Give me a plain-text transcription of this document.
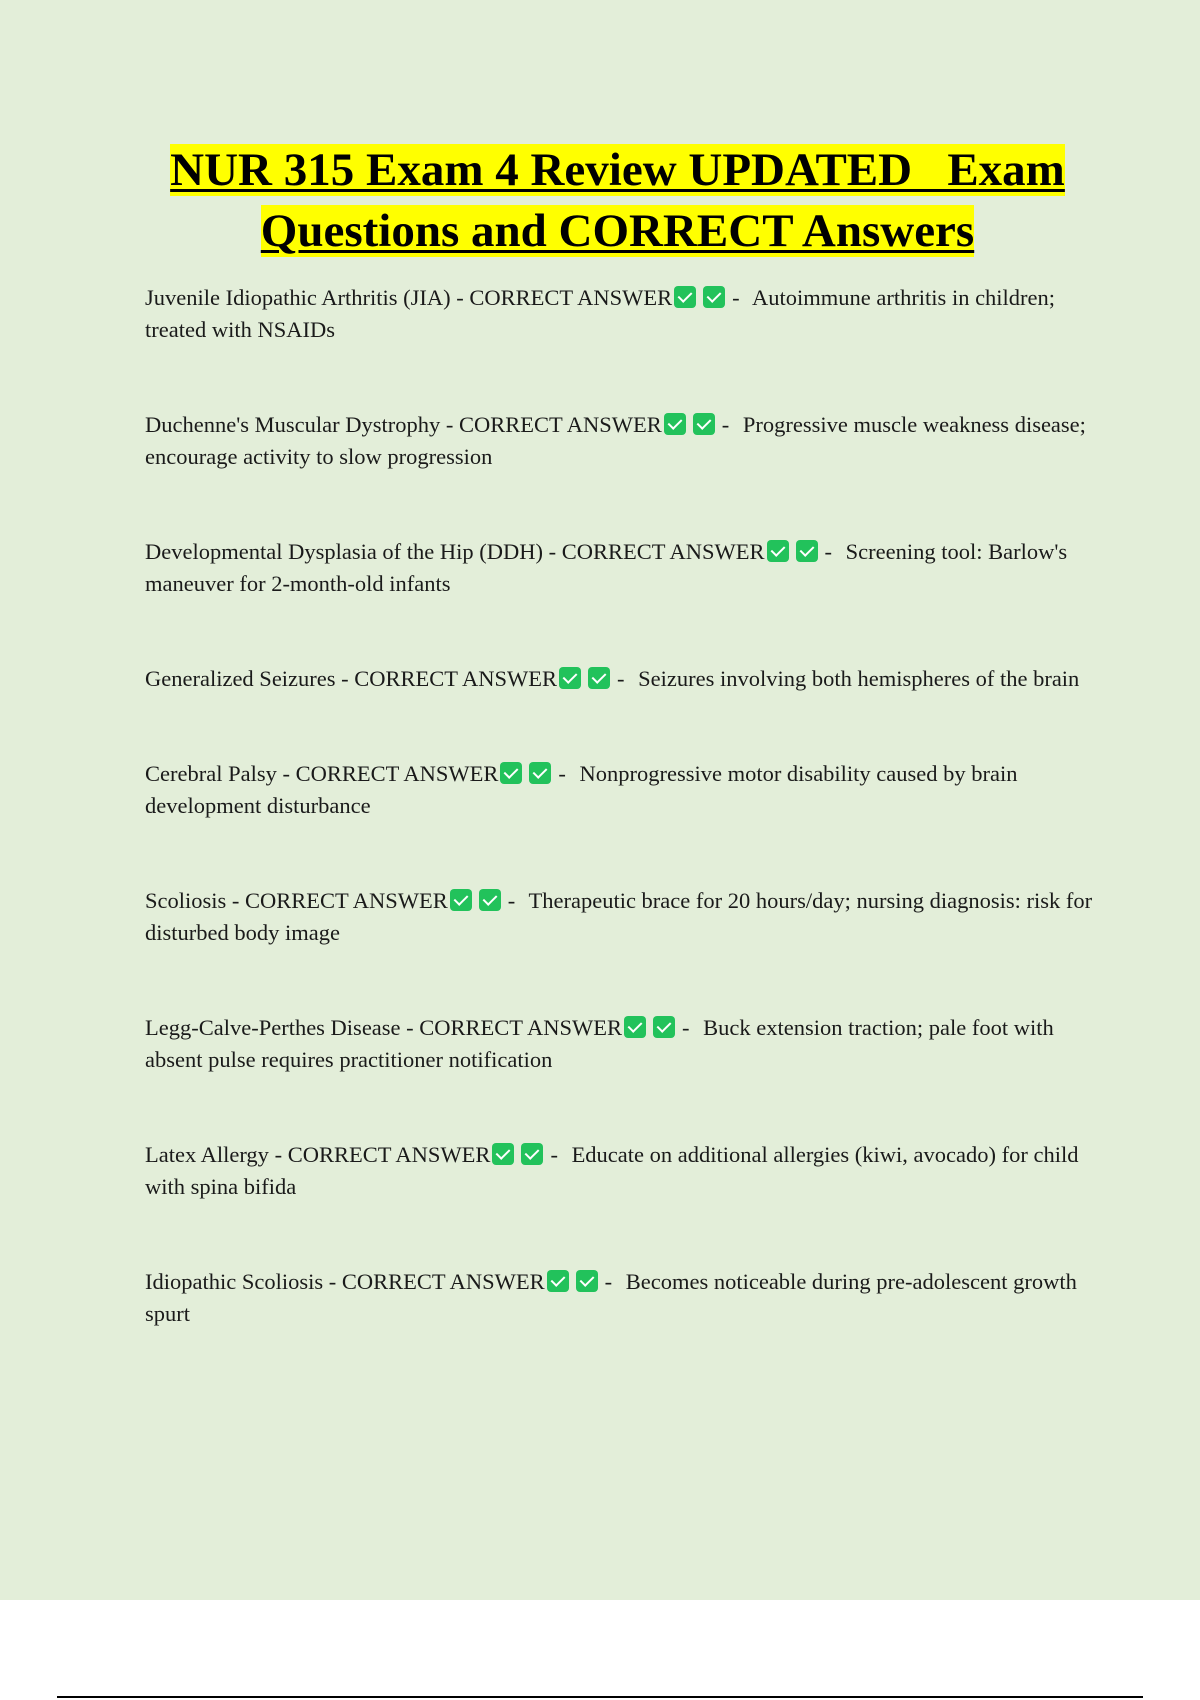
NUR 315 Exam 4 Review UPDATED   Exam
Questions and CORRECT Answers
Juvenile Idiopathic Arthritis (JIA) - CORRECT ANSWER	- Autoimmune arthritis in children; treated with NSAIDs
Duchenne's Muscular Dystrophy - CORRECT ANSWER	- Progressive muscle weakness disease; encourage activity to slow progression
Developmental Dysplasia of the Hip (DDH) - CORRECT ANSWER	- Screening tool: Barlow's maneuver for 2-month-old infants
Generalized Seizures - CORRECT ANSWER	- Seizures involving both hemispheres of the brain
Cerebral Palsy - CORRECT ANSWER	- Nonprogressive motor disability caused by brain development disturbance
Scoliosis - CORRECT ANSWER	- Therapeutic brace for 20 hours/day; nursing diagnosis: risk for disturbed body image
Legg-Calve-Perthes Disease - CORRECT ANSWER	- Buck extension traction; pale foot with absent pulse requires practitioner notification
Latex Allergy - CORRECT ANSWER	- Educate on additional allergies (kiwi, avocado) for child with spina bifida
Idiopathic Scoliosis - CORRECT ANSWER	- Becomes noticeable during pre-adolescent growth spurt
